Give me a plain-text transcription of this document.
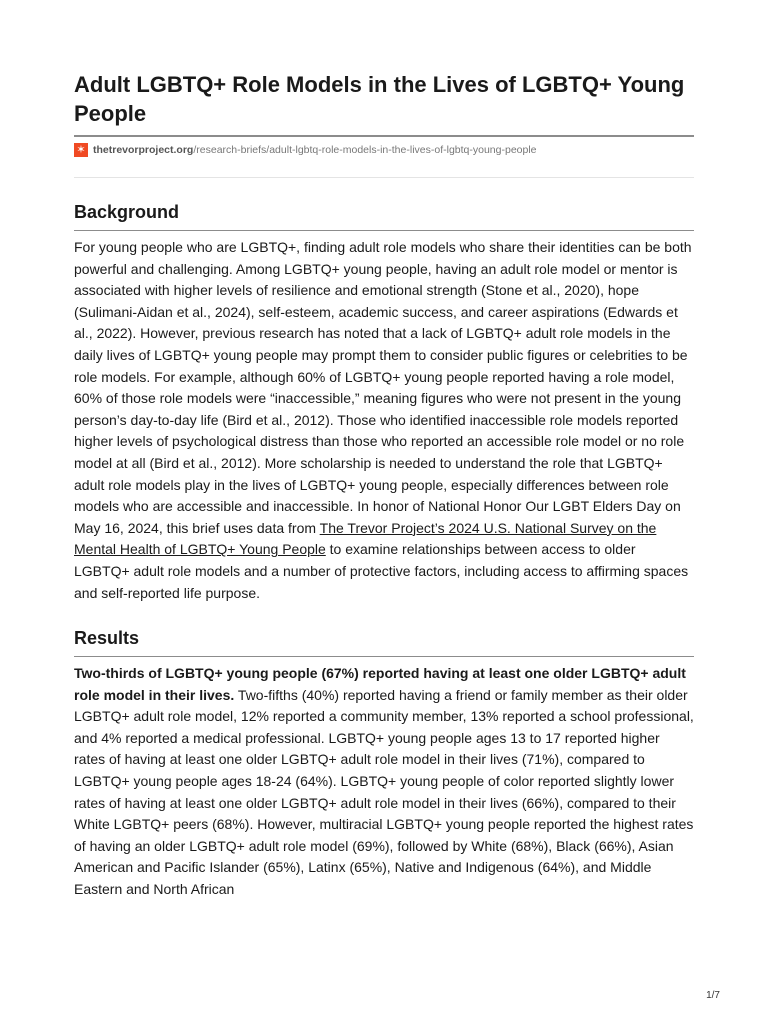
Adult LGBTQ+ Role Models in the Lives of LGBTQ+ Young People
✶ thetrevorproject.org /research-briefs/adult-lgbtq-role-models-in-the-lives-of-lgbtq-young-people
Background

For young people who are LGBTQ+, finding adult role models who share their identities can be both powerful and challenging. Among LGBTQ+ young people, having an adult role model or mentor is associated with higher levels of resilience and emotional strength (Stone et al., 2020), hope (Sulimani-Aidan et al., 2024), self-esteem, academic success, and career aspirations (Edwards et al., 2022). However, previous research has noted that a lack of LGBTQ+ adult role models in the daily lives of LGBTQ+ young people may prompt them to consider public figures or celebrities to be role models. For example, although 60% of LGBTQ+ young people reported having a role model, 60% of those role models were “inaccessible,” meaning figures who were not present in the young person’s day-to-day life (Bird et al., 2012). Those who identified inaccessible role models reported higher levels of psychological distress than those who reported an accessible role model or no role model at all (Bird et al., 2012). More scholarship is needed to understand the role that LGBTQ+ adult role models play in the lives of LGBTQ+ young people, especially differences between role models who are accessible and inaccessible. In honor of National Honor Our LGBT Elders Day on May 16, 2024, this brief uses data from The Trevor Project’s 2024 U.S. National Survey on the Mental Health of LGBTQ+ Young People to examine relationships between access to older LGBTQ+ adult role models and a number of protective factors, including access to affirming spaces and self-reported life purpose.

Results

Two-thirds of LGBTQ+ young people (67%) reported having at least one older LGBTQ+ adult role model in their lives. Two-fifths (40%) reported having a friend or family member as their older LGBTQ+ adult role model, 12% reported a community member, 13% reported a school professional, and 4% reported a medical professional. LGBTQ+ young people ages 13 to 17 reported higher rates of having at least one older LGBTQ+ adult role model in their lives (71%), compared to LGBTQ+ young people ages 18-24 (64%). LGBTQ+ young people of color reported slightly lower rates of having at least one older LGBTQ+ adult role model in their lives (66%), compared to their White LGBTQ+ peers (68%). However, multiracial LGBTQ+ young people reported the highest rates of having an older LGBTQ+ adult role model (69%), followed by White (68%), Black (66%), Asian American and Pacific Islander (65%), Latinx (65%), Native and Indigenous (64%), and Middle Eastern and North African

1/7
